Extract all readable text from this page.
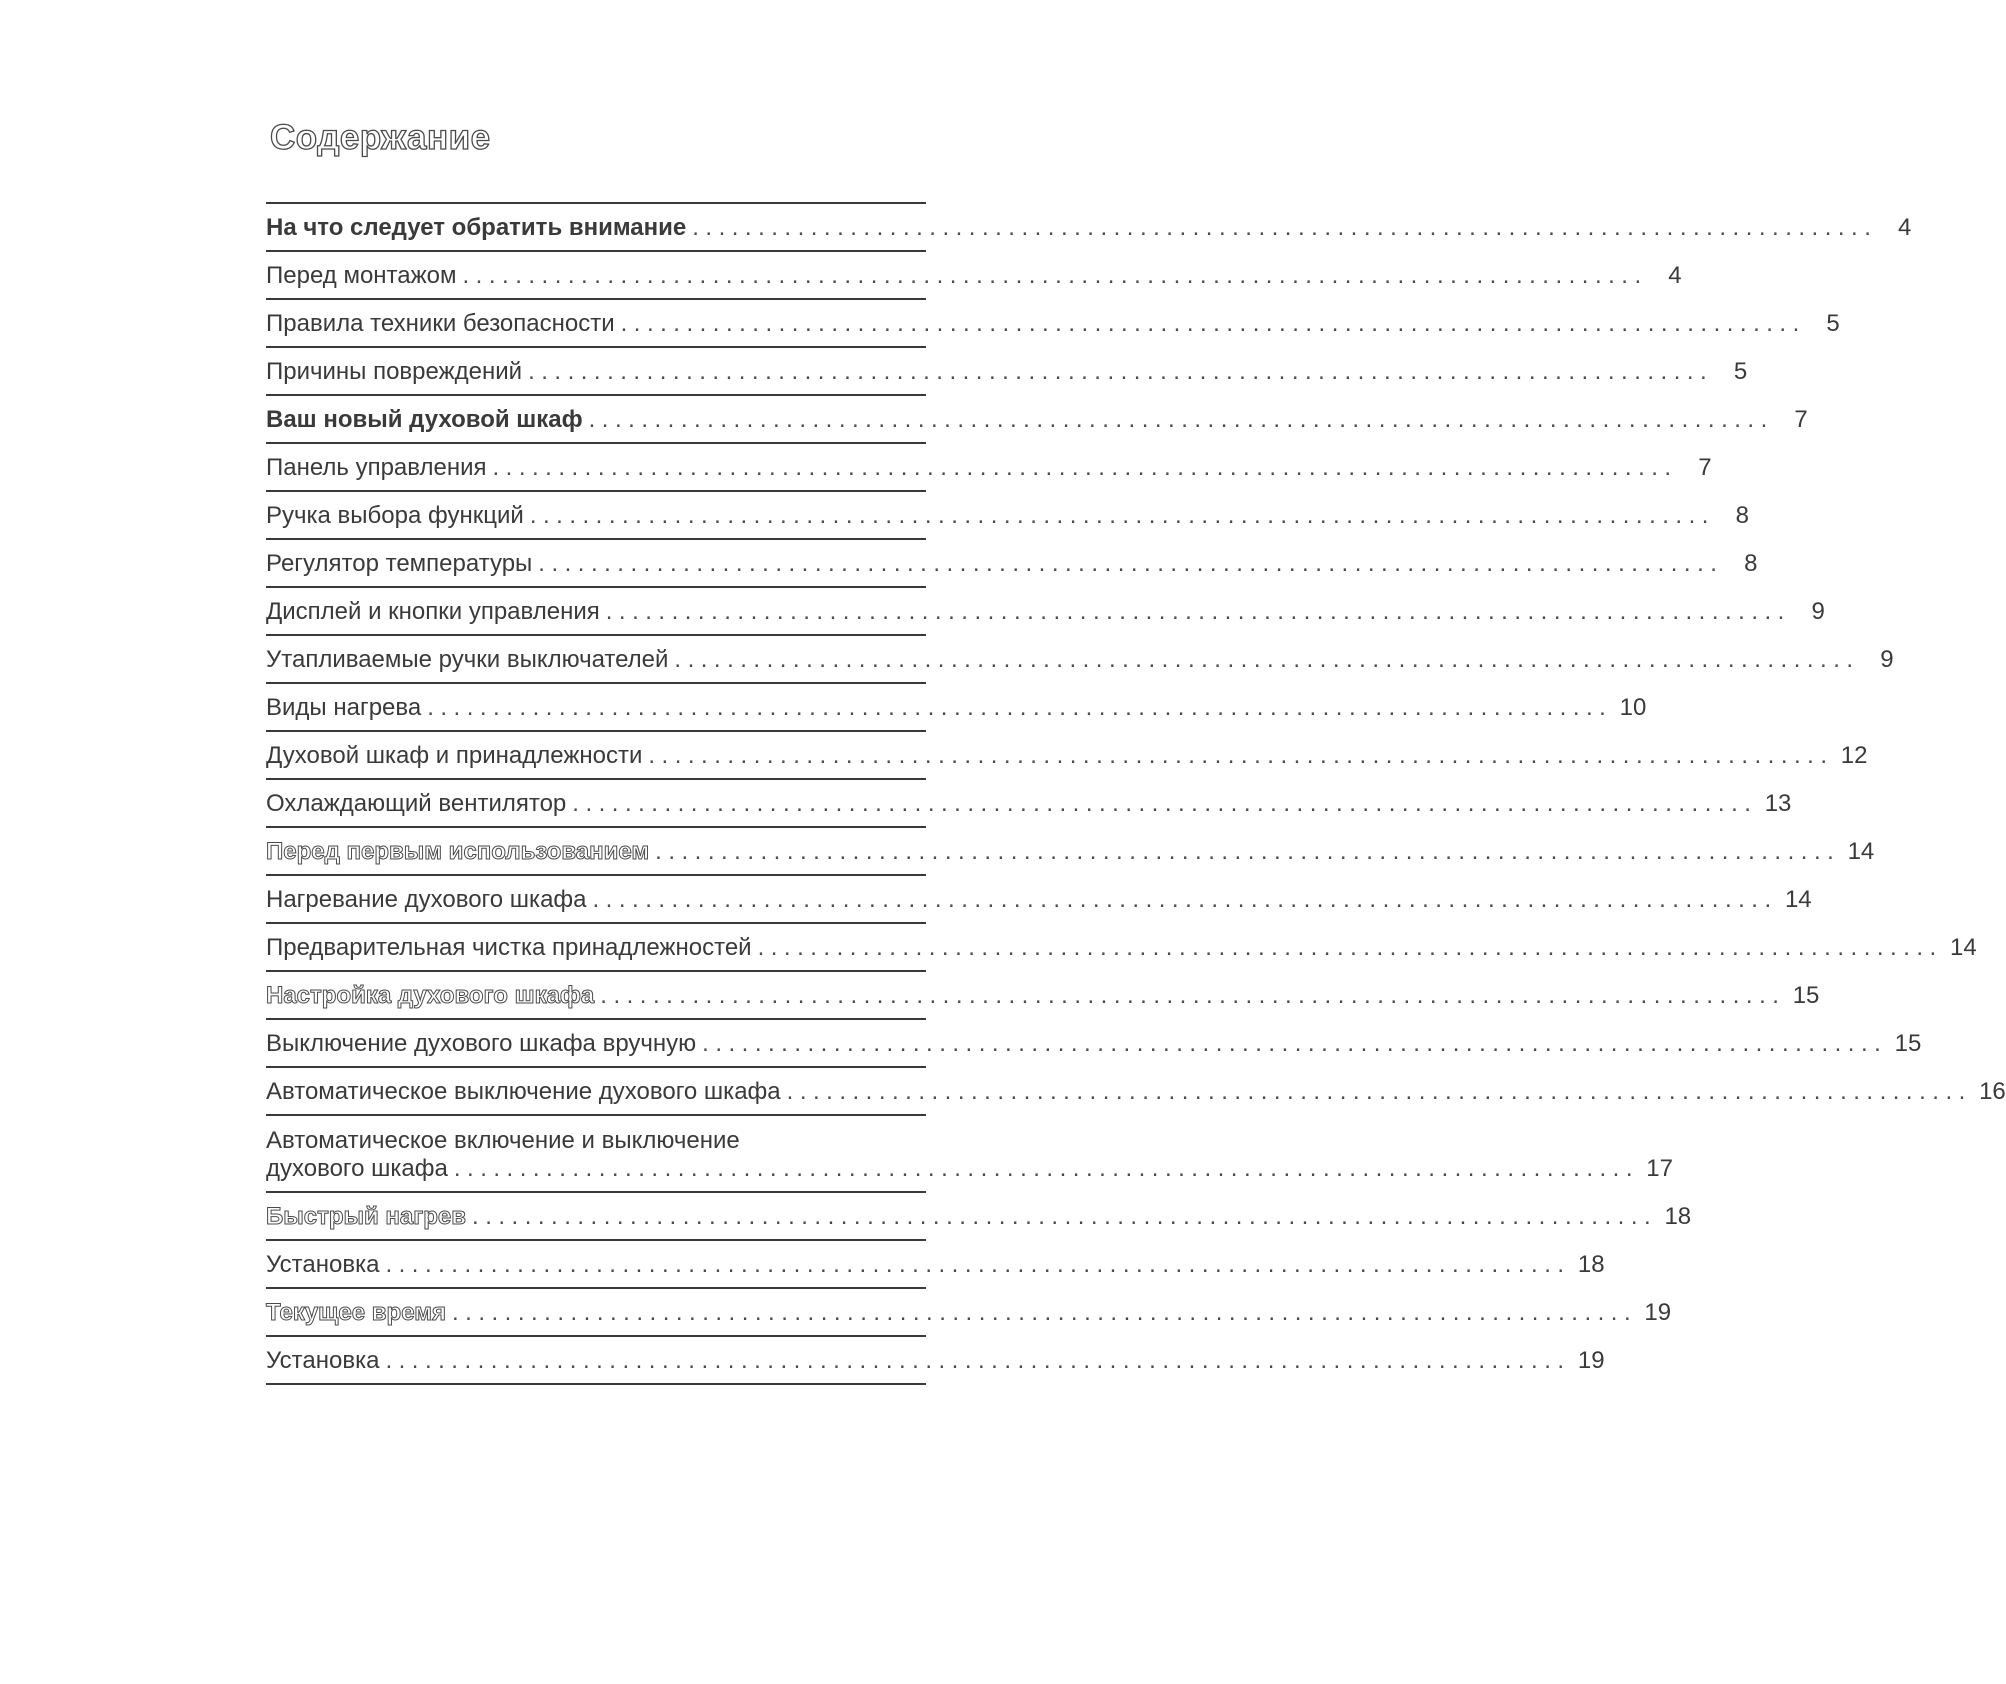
Содержание
На что следует обратить внимание .....	4
Перед монтажом .....	4
Правила техники безопасности .....	5
Причины повреждений .....	5
Ваш новый духовой шкаф .....	7
Панель управления .....	7
Ручка выбора функций .....	8
Регулятор температуры .....	8
Дисплей и кнопки управления .....	9
Утапливаемые ручки выключателей .....	9
Виды нагрева .....	10
Духовой шкаф и принадлежности .....	12
Охлаждающий вентилятор .....	13
Перед первым использованием .....	14
Нагревание духового шкафа .....	14
Предварительная чистка принадлежностей .....	14
Настройка духового шкафа .....	15
Выключение духового шкафа вручную .....	15
Автоматическое выключение духового шкафа .....	16
Автоматическое включение и выключение
духового шкафа .....	17
Быстрый нагрев .....	18
Установка .....	18
Текущее время .....	19
Установка .....	19
